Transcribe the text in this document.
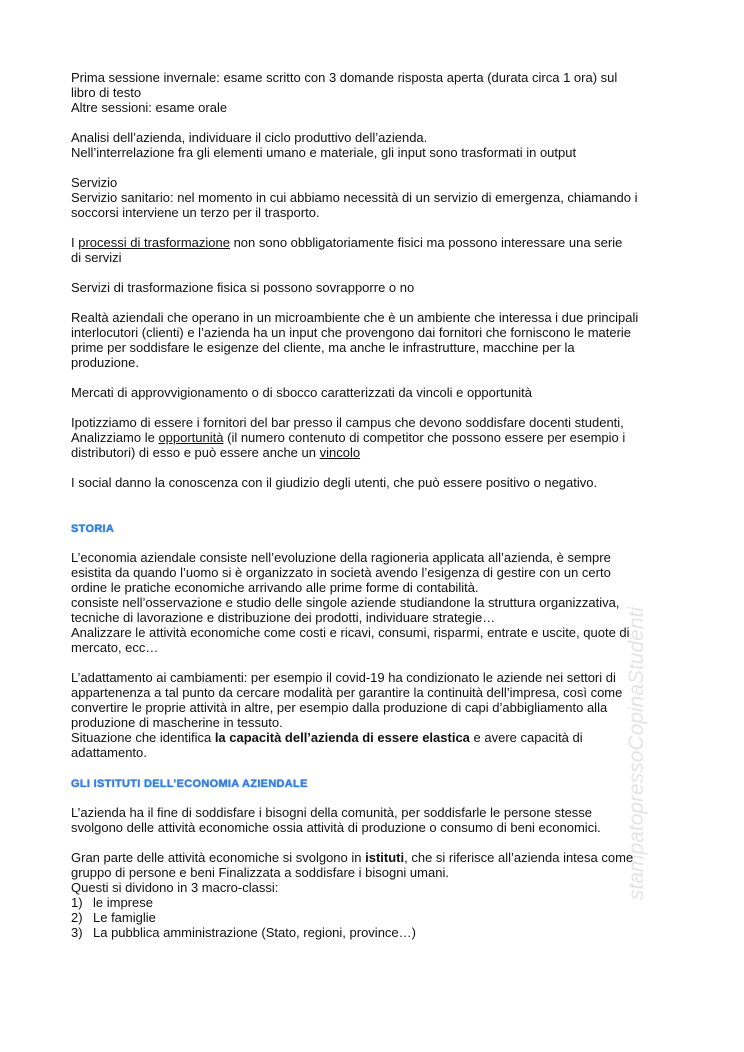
stampatopressoCopinaStudenti
Prima sessione invernale: esame scritto con 3 domande risposta aperta (durata circa 1 ora) sul
libro di testo
Altre sessioni: esame orale
Analisi dell’azienda, individuare il ciclo produttivo dell’azienda.
Nell’interrelazione fra gli elementi umano e materiale, gli input sono trasformati in output
Servizio
Servizio sanitario: nel momento in cui abbiamo necessità di un servizio di emergenza, chiamando i
soccorsi interviene un terzo per il trasporto.
I processi di trasformazione non sono obbligatoriamente fisici ma possono interessare una serie
di servizi
Servizi di trasformazione fisica si possono sovrapporre o no
Realtà aziendali che operano in un microambiente che è un ambiente che interessa i due principali
interlocutori (clienti) e l’azienda ha un input che provengono dai fornitori che forniscono le materie
prime per soddisfare le esigenze del cliente, ma anche le infrastrutture, macchine per la
produzione.
Mercati di approvvigionamento o di sbocco caratterizzati da vincoli e opportunità
Ipotizziamo di essere i fornitori del bar presso il campus che devono soddisfare docenti studenti,
Analizziamo le opportunità (il numero contenuto di competitor che possono essere per esempio i
distributori) di esso e può essere anche un vincolo
I social danno la conoscenza con il giudizio degli utenti, che può essere positivo o negativo.
STORIA
L’economia aziendale consiste nell’evoluzione della ragioneria applicata all’azienda, è sempre
esistita da quando l’uomo si è organizzato in società avendo l’esigenza di gestire con un certo
ordine le pratiche economiche arrivando alle prime forme di contabilità.
consiste nell’osservazione e studio delle singole aziende studiandone la struttura organizzativa,
tecniche di lavorazione e distribuzione dei prodotti, individuare strategie…
Analizzare le attività economiche come costi e ricavi, consumi, risparmi, entrate e uscite, quote di
mercato, ecc…
L’adattamento ai cambiamenti: per esempio il covid-19 ha condizionato le aziende nei settori di
appartenenza a tal punto da cercare modalità per garantire la continuità dell’impresa, così come
convertire le proprie attività in altre, per esempio dalla produzione di capi d’abbigliamento alla
produzione di mascherine in tessuto.
Situazione che identifica la capacità dell’azienda di essere elastica e avere capacità di
adattamento.
GLI ISTITUTI DELL’ECONOMIA AZIENDALE
L’azienda ha il fine di soddisfare i bisogni della comunità, per soddisfarle le persone stesse
svolgono delle attività economiche ossia attività di produzione o consumo di beni economici.
Gran parte delle attività economiche si svolgono in istituti, che si riferisce all’azienda intesa come
gruppo di persone e beni Finalizzata a soddisfare i bisogni umani.
Questi si dividono in 3 macro-classi:
1) le imprese
2) Le famiglie
3) La pubblica amministrazione (Stato, regioni, province…)
